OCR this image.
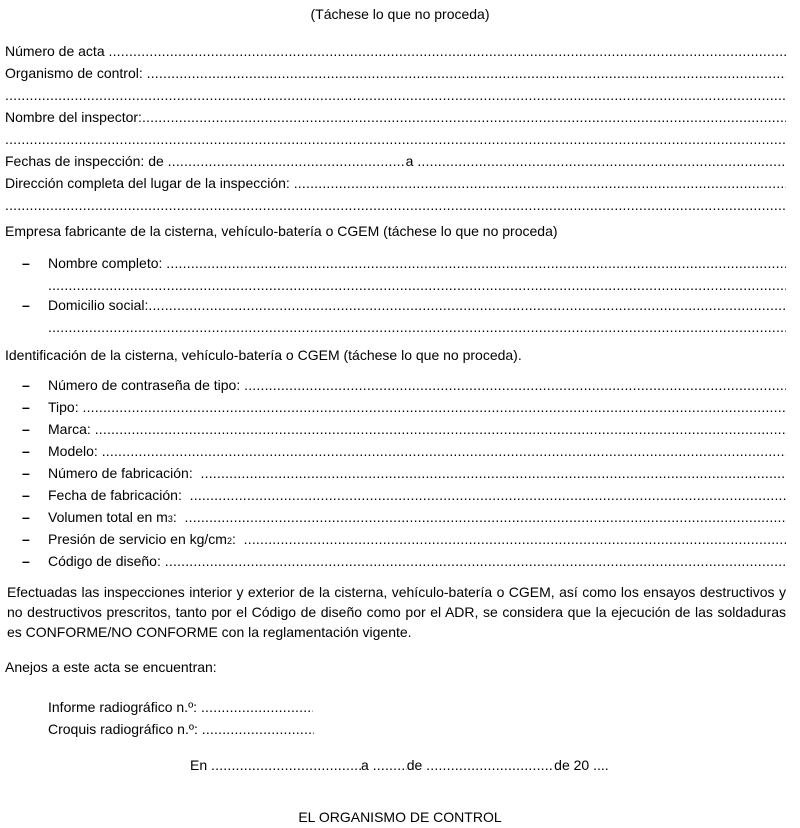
(Táchese lo que no proceda)
Número de acta

.....
Organismo de control:

.....
.....
Nombre del inspector:
.....
.....
Fechas de inspección: de
.....	a

.....
Dirección completa del lugar de la inspección:

.....
.....
Empresa fabricante de la cisterna, vehículo-batería o CGEM (táchese lo que no proceda)
–	Nombre completo:

.....
.....
–	Domicilio social:
.....
.....
Identificación de la cisterna, vehículo-batería o CGEM (táchese lo que no proceda).
–	Número de contraseña de tipo:

.....
–	Tipo:

.....
–	Marca:

.....
–	Modelo:

.....
–	Número de fabricación:

.....
–	Fecha de fabricación:

.....
–	Volumen total en m 3 :

.....
–	Presión de servicio en kg/cm 2 :

.....
–	Código de diseño:

.....
Efectuadas las inspecciones interior y exterior de la cisterna, vehículo-batería o CGEM, así como los ensayos destructivos y no destructivos prescritos, tanto por el Código de diseño como por el ADR, se considera que la ejecución de las soldaduras es CONFORME/NO CONFORME con la reglamentación vigente.
Anejos a este acta se encuentran:
Informe radiográfico n.º:

.....
Croquis radiográfico n.º:

.....
En
.....	a
.....	de
.....	de 20
....
EL ORGANISMO DE CONTROL
